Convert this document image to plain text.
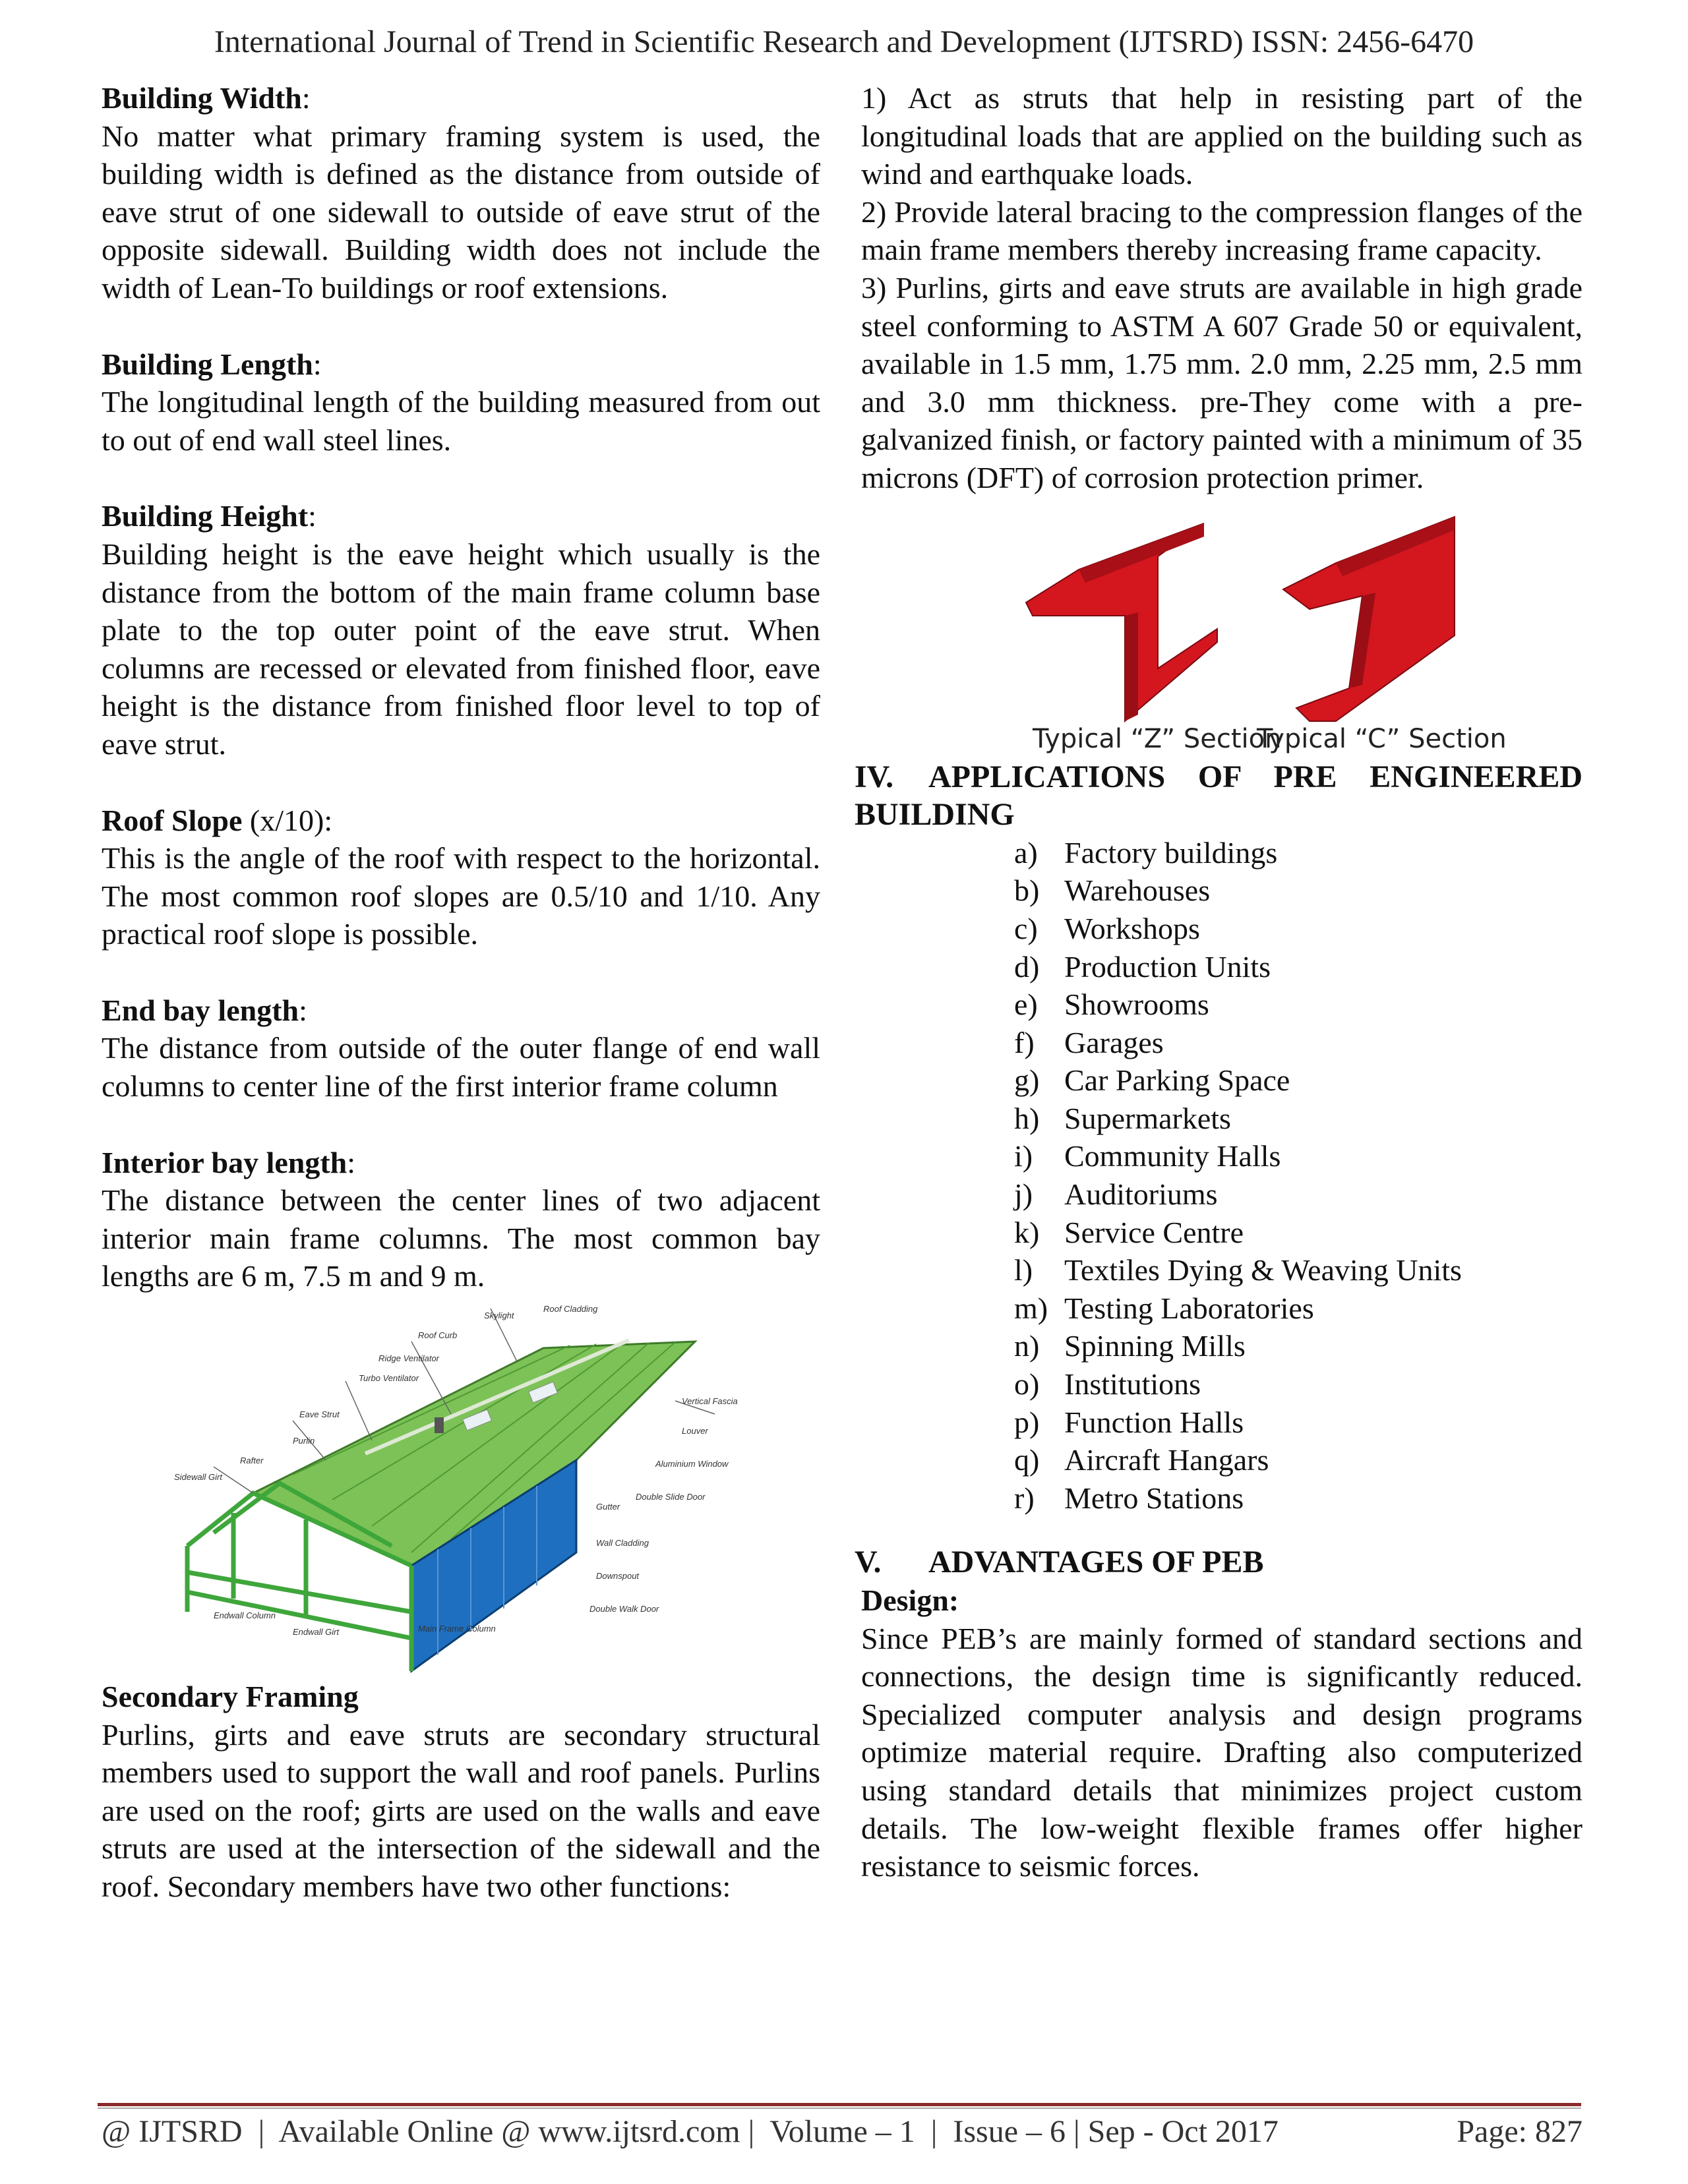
International Journal of Trend in Scientific Research and Development (IJTSRD) ISSN: 2456-6470

Building Width:

No matter what primary framing system is used, the building width is defined as the distance from outside of eave strut of one sidewall to outside of eave strut of the opposite sidewall. Building width does not include the width of Lean-To buildings or roof extensions.

Building Length:

The longitudinal length of the building measured from out to out of end wall steel lines.

Building Height:

Building height is the eave height which usually is the distance from the bottom of the main frame column base plate to the top outer point of the eave strut. When columns are recessed or elevated from finished floor, eave height is the distance from finished floor level to top of eave strut.

Roof Slope (x/10):

This is the angle of the roof with respect to the horizontal. The most common roof slopes are 0.5/10 and 1/10. Any practical roof slope is possible.

End bay length:

The distance from outside of the outer flange of end wall columns to center line of the first interior frame column

Interior bay length:

The distance between the center lines of two adjacent interior main frame columns. The most common bay lengths are 6 m, 7.5 m and 9 m.

Roof Cladding
Skylight
Roof Curb
Ridge Ventilator
Turbo Ventilator
Eave Strut
Purlin
Rafter
Sidewall Girt
Endwall Column
Endwall Girt	Main Frame Column
Vertical Fascia
Louver
Aluminium Window
Double Slide Door
Gutter
Wall Cladding
Downspout
Double Walk Door

Secondary Framing

Purlins, girts and eave struts are secondary structural members used to support the wall and roof panels. Purlins are used on the roof; girts are used on the walls and eave struts are used at the intersection of the sidewall and the roof. Secondary members have two other functions:

1) Act as struts that help in resisting part of the longitudinal loads that are applied on the building such as wind and earthquake loads.

2) Provide lateral bracing to the compression flanges of the main frame members thereby increasing frame capacity.

3) Purlins, girts and eave struts are available in high grade steel conforming to ASTM A 607 Grade 50 or equivalent, available in 1.5 mm, 1.75 mm. 2.0 mm, 2.25 mm, 2.5 mm and 3.0 mm thickness. pre-They come with a pre-galvanized finish, or factory painted with a minimum of 35 microns (DFT) of corrosion protection primer.

Typical “Z” Section
Typical “C” Section

IV. APPLICATIONS OF PRE ENGINEERED BUILDING

a) Factory buildings
b) Warehouses
c) Workshops
d) Production Units
e) Showrooms
f) Garages
g) Car Parking Space
h) Supermarkets
i)	Community Halls
j)	Auditoriums
k) Service Centre
l)	Textiles Dying & Weaving Units
m) Testing Laboratories
n) Spinning Mills
o) Institutions
p) Function Halls
q) Aircraft Hangars
r) Metro Stations

V. ADVANTAGES OF PEB

Design:

Since PEB’s are mainly formed of standard sections and connections, the design time is significantly reduced. Specialized computer analysis and design programs optimize material require. Drafting also computerized using standard details that minimizes project custom details. The low-weight flexible frames offer higher resistance to seismic forces.

@ IJTSRD  |  Available Online @ www.ijtsrd.com |  Volume – 1  |  Issue – 6 | Sep - Oct 2017	Page: 827
